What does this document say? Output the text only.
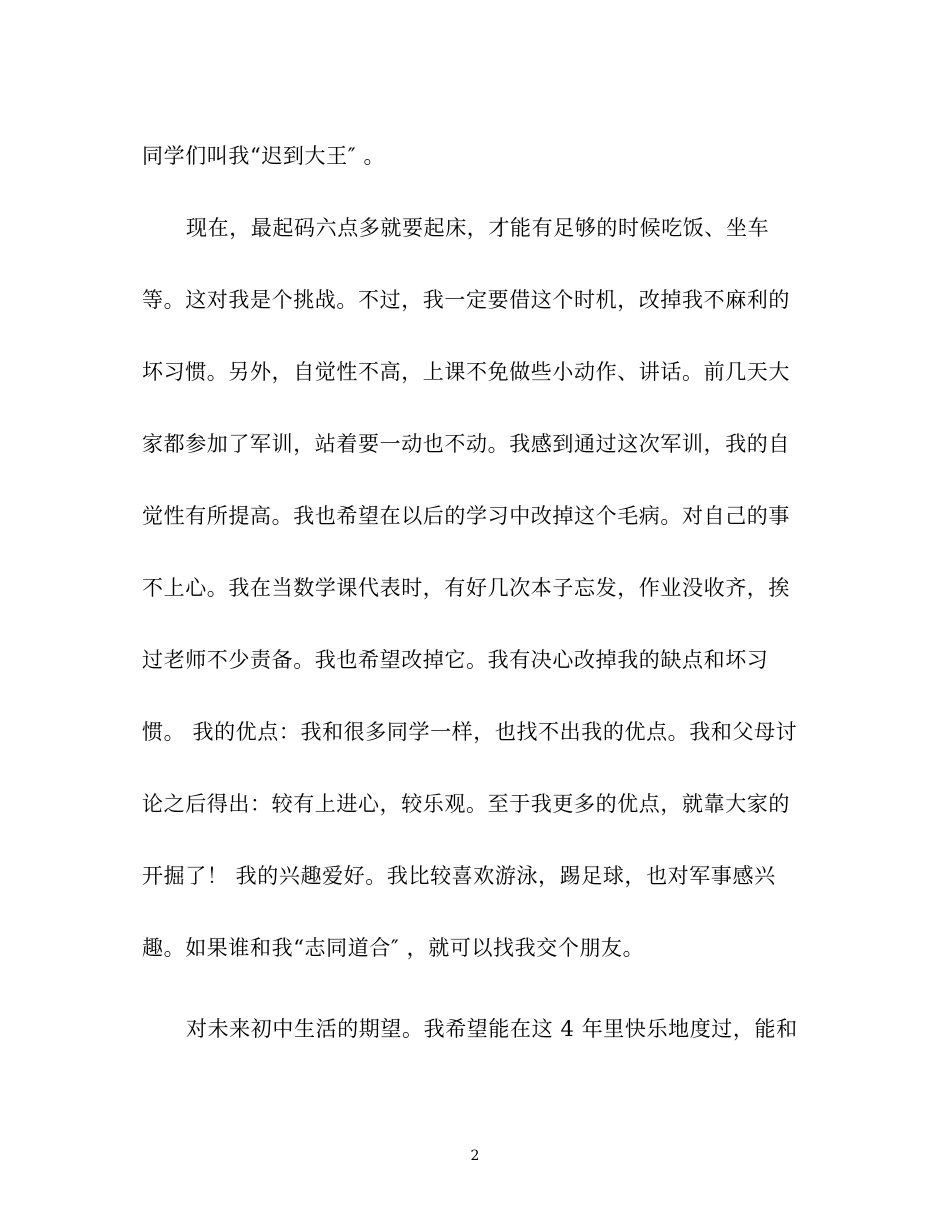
同学们叫我“迟到大王″ 。
现在，最起码六点多就要起床，才能有足够的时候吃饭、坐车
等。这对我是个挑战。不过，我一定要借这个时机，改掉我不麻利的
坏习惯。另外，自觉性不高，上课不免做些小动作、讲话。前几天大
家都参加了军训，站着要一动也不动。我感到通过这次军训，我的自
觉性有所提高。我也希望在以后的学习中改掉这个毛病。对自己的事
不上心。我在当数学课代表时，有好几次本子忘发，作业没收齐，挨
过老师不少责备。我也希望改掉它。我有决心改掉我的缺点和坏习
惯。 我的优点：我和很多同学一样，也找不出我的优点。我和父母讨
论之后得出：较有上进心，较乐观。至于我更多的优点，就靠大家的
开掘了！ 我的兴趣爱好。我比较喜欢游泳，踢足球，也对军事感兴
趣。如果谁和我“志同道合″ ，就可以找我交个朋友。
对未来初中生活的期望。我希望能在这 4 年里快乐地度过，能和
2
